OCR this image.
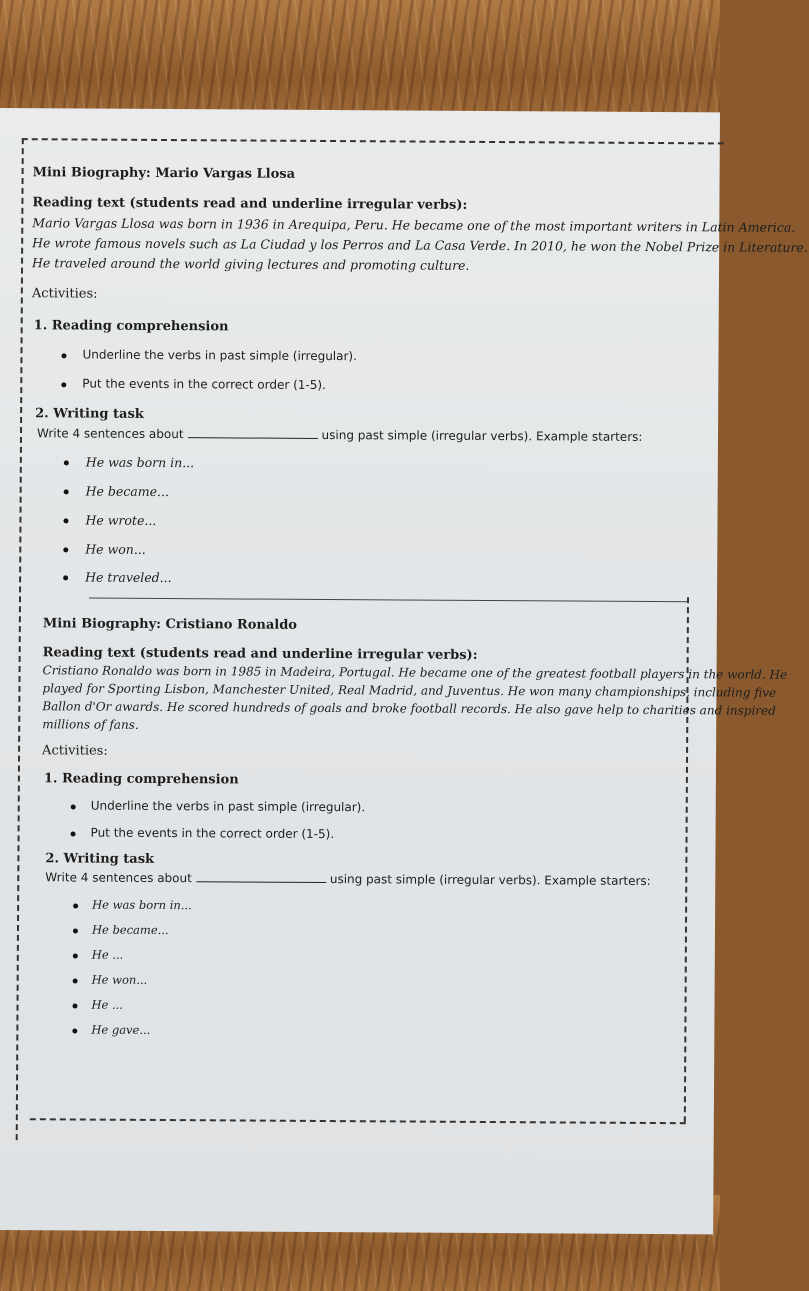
Mini Biography: Mario Vargas Llosa
Reading text (students read and underline irregular verbs):
Mario Vargas Llosa was born in 1936 in Arequipa, Peru. He became one of the most important writers in Latin America.
He wrote famous novels such as La Ciudad y los Perros and La Casa Verde. In 2010, he won the Nobel Prize in Literature.
He traveled around the world giving lectures and promoting culture.
Activities:
1. Reading comprehension
Underline the verbs in past simple (irregular).
Put the events in the correct order (1-5).
2. Writing task
Write 4 sentences about	using past simple (irregular verbs). Example starters:
He was born in...
He became...
He wrote...
He won...
He traveled...
Mini Biography: Cristiano Ronaldo
Reading text (students read and underline irregular verbs):
Cristiano Ronaldo was born in 1985 in Madeira, Portugal. He became one of the greatest football players in the world. He
played for Sporting Lisbon, Manchester United, Real Madrid, and Juventus. He won many championships, including five
Ballon d'Or awards. He scored hundreds of goals and broke football records. He also gave help to charities and inspired
millions of fans.
Activities:
1. Reading comprehension
Underline the verbs in past simple (irregular).
Put the events in the correct order (1-5).
2. Writing task
Write 4 sentences about	using past simple (irregular verbs). Example starters:
He was born in...
He became...
He ...
He won...
He ...
He gave...
